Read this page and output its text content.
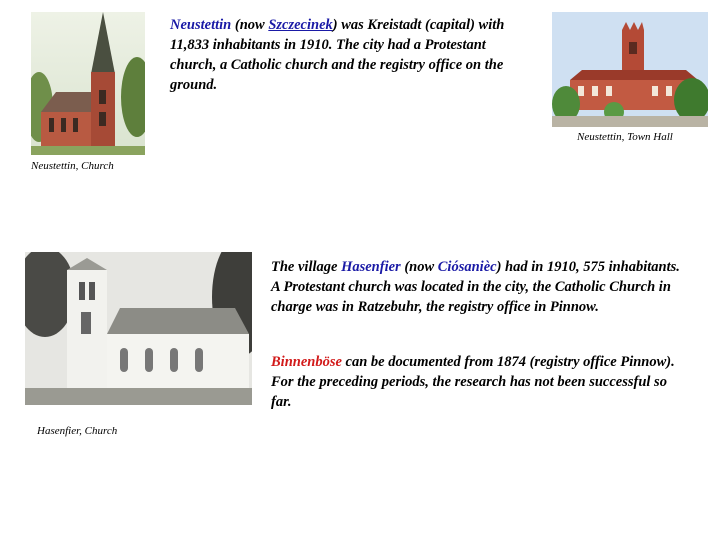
Neustettin, Church
Neustettin (now Szczecinek) was Kreistadt (capital) with 11,833 inhabitants in 1910. The city had a Protestant church, a Catholic church and the registry office on the ground.
Neustettin, Town Hall
Hasenfier, Church
The village Hasenfier (now Ciósanièc) had in 1910, 575 inhabitants. A Protestant church was located in the city, the Catholic Church in charge was in Ratzebuhr, the registry office in Pinnow.
Binnenböse can be documented from 1874 (registry office Pinnow). For the preceding periods, the research has not been successful so far.
